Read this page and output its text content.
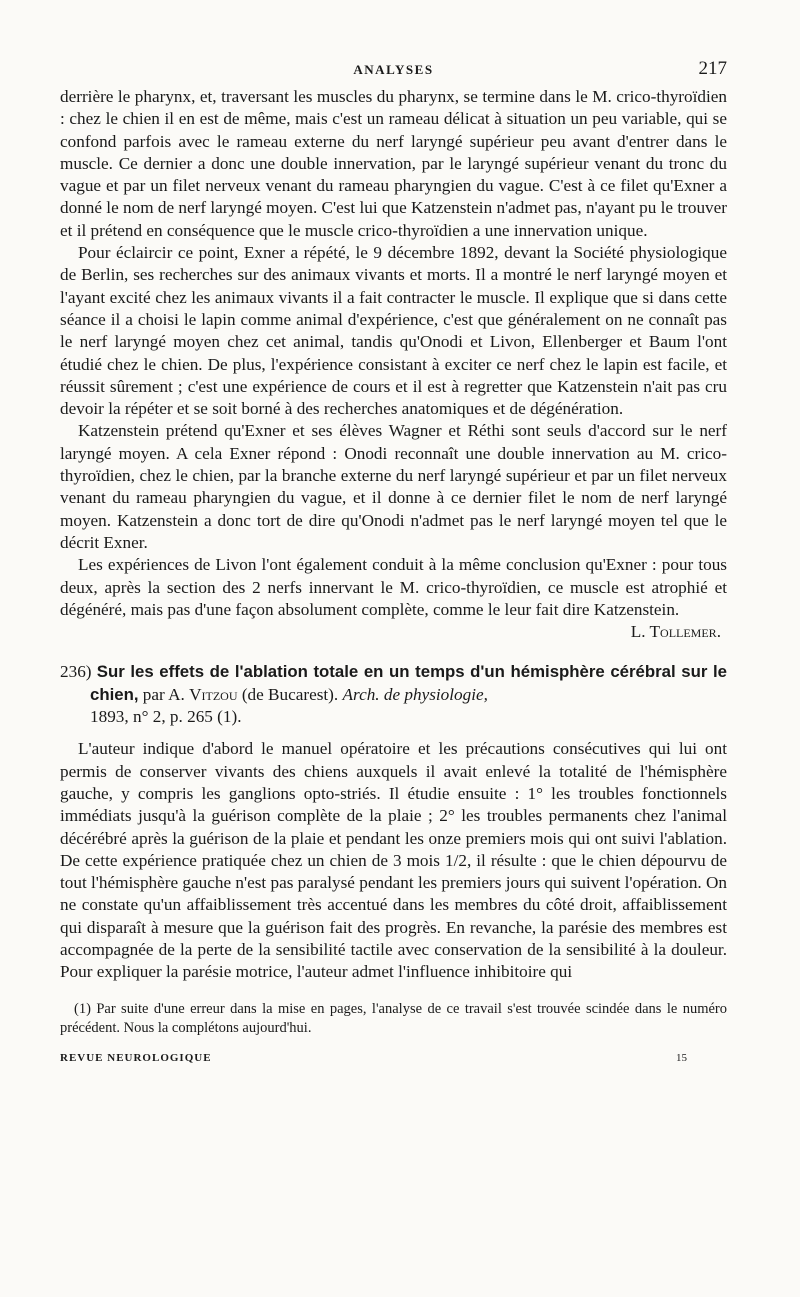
ANALYSES	217

derrière le pharynx, et, traversant les muscles du pharynx, se termine dans le M. crico-thyroïdien : chez le chien il en est de même, mais c'est un rameau délicat à situation un peu variable, qui se confond parfois avec le rameau externe du nerf laryngé supérieur peu avant d'entrer dans le muscle. Ce dernier a donc une double innervation, par le laryngé supérieur venant du tronc du vague et par un filet nerveux venant du rameau pharyngien du vague. C'est à ce filet qu'Exner a donné le nom de nerf laryngé moyen. C'est lui que Katzenstein n'admet pas, n'ayant pu le trouver et il prétend en conséquence que le muscle crico-thyroïdien a une innervation unique.

Pour éclaircir ce point, Exner a répété, le 9 décembre 1892, devant la Société physiologique de Berlin, ses recherches sur des animaux vivants et morts. Il a montré le nerf laryngé moyen et l'ayant excité chez les animaux vivants il a fait contracter le muscle. Il explique que si dans cette séance il a choisi le lapin comme animal d'expérience, c'est que généralement on ne connaît pas le nerf laryngé moyen chez cet animal, tandis qu'Onodi et Livon, Ellenberger et Baum l'ont étudié chez le chien. De plus, l'expérience consistant à exciter ce nerf chez le lapin est facile, et réussit sûrement ; c'est une expérience de cours et il est à regretter que Katzenstein n'ait pas cru devoir la répéter et se soit borné à des recherches anatomiques et de dégénération.

Katzenstein prétend qu'Exner et ses élèves Wagner et Réthi sont seuls d'accord sur le nerf laryngé moyen. A cela Exner répond : Onodi reconnaît une double innervation au M. crico-thyroïdien, chez le chien, par la branche externe du nerf laryngé supérieur et par un filet nerveux venant du rameau pharyngien du vague, et il donne à ce dernier filet le nom de nerf laryngé moyen. Katzenstein a donc tort de dire qu'Onodi n'admet pas le nerf laryngé moyen tel que le décrit Exner.

Les expériences de Livon l'ont également conduit à la même conclusion qu'Exner : pour tous deux, après la section des 2 nerfs innervant le M. crico-thyroïdien, ce muscle est atrophié et dégénéré, mais pas d'une façon absolument complète, comme le leur fait dire Katzenstein.

L. Tollemer.

236) Sur les effets de l'ablation totale en un temps d'un hémisphère cérébral sur le chien, par A. Vitzou (de Bucarest). Arch. de physiologie,
1893, n° 2, p. 265 (1).

L'auteur indique d'abord le manuel opératoire et les précautions consécutives qui lui ont permis de conserver vivants des chiens auxquels il avait enlevé la totalité de l'hémisphère gauche, y compris les ganglions opto-striés. Il étudie ensuite : 1° les troubles fonctionnels immédiats jusqu'à la guérison complète de la plaie ; 2° les troubles permanents chez l'animal décérébré après la guérison de la plaie et pendant les onze premiers mois qui ont suivi l'ablation. De cette expérience pratiquée chez un chien de 3 mois 1/2, il résulte : que le chien dépourvu de tout l'hémisphère gauche n'est pas paralysé pendant les premiers jours qui suivent l'opération. On ne constate qu'un affaiblissement très accentué dans les membres du côté droit, affaiblissement qui disparaît à mesure que la guérison fait des progrès. En revanche, la parésie des membres est accompagnée de la perte de la sensibilité tactile avec conservation de la sensibilité à la douleur. Pour expliquer la parésie motrice, l'auteur admet l'influence inhibitoire qui

(1) Par suite d'une erreur dans la mise en pages, l'analyse de ce travail s'est trouvée scindée dans le numéro précédent. Nous la complétons aujourd'hui.

REVUE NEUROLOGIQUE	15
